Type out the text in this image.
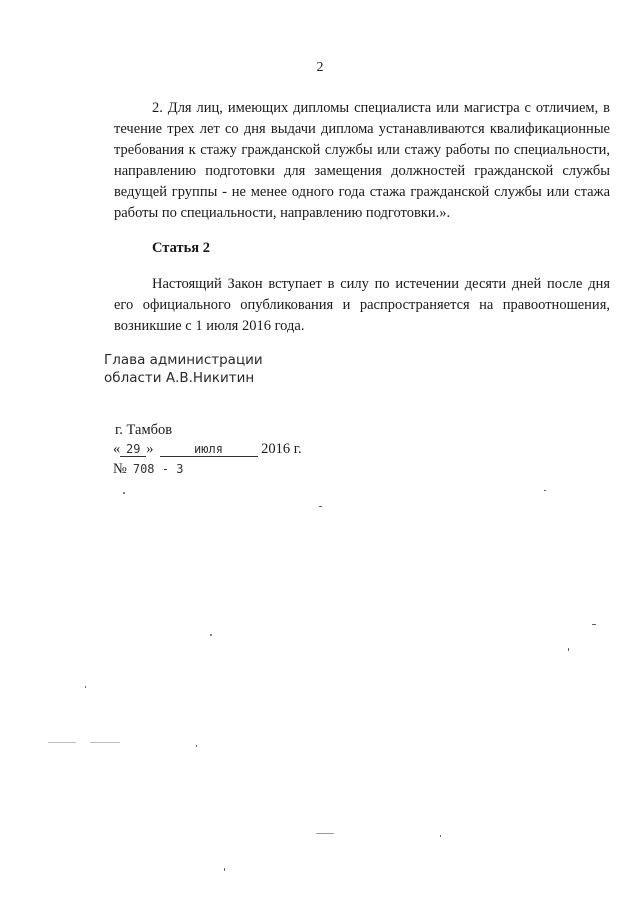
2
2. Для лиц, имеющих дипломы специалиста или магистра с отличием, в течение трех лет со дня выдачи диплома устанавливаются квалификационные требования к стажу гражданской службы или стажу работы по специальности, направлению подготовки для замещения должностей гражданской службы ведущей группы - не менее одного года стажа гражданской службы или стажа работы по специальности, направлению подготовки.».
Статья 2
Настоящий Закон вступает в силу по истечении десяти дней после дня его официального опубликования и распространяется на правоотношения, возникшие с 1 июля 2016 года.
Глава администрации
области А.В.Никитин
г. Тамбов
« 29 »	июля	2016 г.
№ 708 - З
